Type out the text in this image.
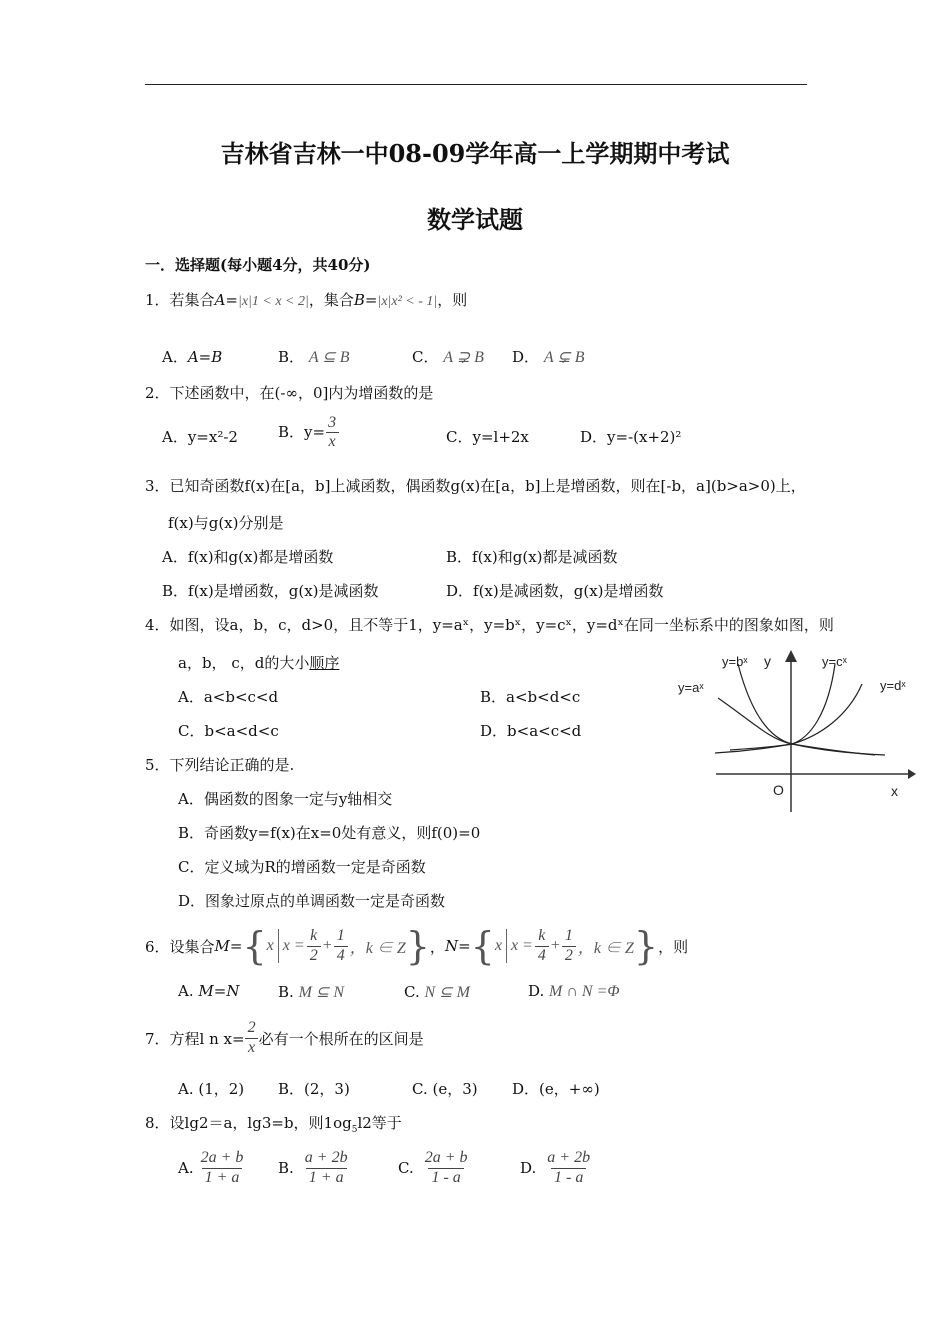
吉林省吉林一中08-09学年高一上学期期中考试
数学试题
一．选择题(每小题4分，共40分)
1．若集合A=|x|1 < x < 2|，集合B=|x|x² < - 1|，则
A．A=B	B． A ⊆ B	C． A ⊋ B D． A ⊊ B
2．下述函数中，在(-∞，0]内为增函数的是
A．y=x²-2	B．$y= \frac{3}{x}$	C．y=l+2x	D．y=-(x+2)²
3．已知奇函数f(x)在[a，b]上减函数，偶函数g(x)在[a，b]上是增函数，则在[-b，a](b>a>0)上，
f(x)与g(x)分别是
A．f(x)和g(x)都是增函数	B．f(x)和g(x)都是减函数
B．f(x)是增函数，g(x)是减函数	D．f(x)是减函数，g(x)是增函数
4．如图，设a，b，c，d>0，且不等于1，y=aˣ，y=bˣ，y=cˣ，y=dˣ在同一坐标系中的图象如图，则
a，b， c，d的大小顺序
A．a<b<c<d	B．a<b<d<c
C．b<a<d<c	D．b<a<c<d
y=aˣ
y=bˣ y	y=cˣ
y=dˣ
O	x
5．下列结论正确的是.
A．偶函数的图象一定与y轴相交
B．奇函数y=f(x)在x=0处有意义，则f(0)=0
C．定义域为R的增函数一定是奇函数
D．图象过原点的单调函数一定是奇函数
6．设集合 M= { x $x = \frac{k}{2} + \frac{1}{4}$ ，k ∈ Z } ， N= { x $x = \frac{k}{4} + \frac{1}{2}$ ，k ∈ Z } ，则
A. M=N	B. M ⊆ N	C. N ⊆ M	D. M ∩ N =Φ
7．方程l n $x= \frac{2}{x}$ 必有一个根所在的区间是
A. (1，2) B．(2，3)	C. (e，3) D．(e，+∞)
8．设lg2＝a，lg3=b，则$1og_5l2$等于
A. $\frac{2a + b}{1 + a} B$. $\frac{a + 2b}{1 + a}$	C. $\frac{2a + b}{1 - a}$	D. $\frac{a + 2b}{1 - a}$
